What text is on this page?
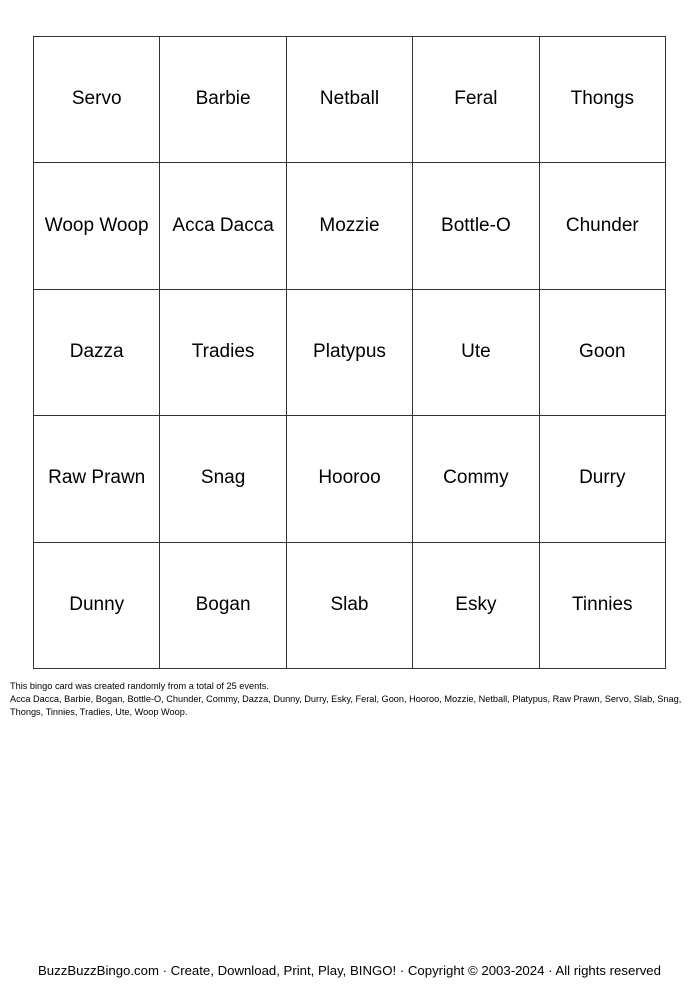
Servo	Barbie	Netball	Feral	Thongs
Woop Woop	Acca Dacca	Mozzie	Bottle-O	Chunder
Dazza	Tradies	Platypus	Ute	Goon
Raw Prawn	Snag	Hooroo	Commy	Durry
Dunny	Bogan	Slab	Esky	Tinnies

This bingo card was created randomly from a total of 25 events.

Acca Dacca, Barbie, Bogan, Bottle-O, Chunder, Commy, Dazza, Dunny, Durry, Esky, Feral, Goon, Hooroo, Mozzie, Netball, Platypus, Raw Prawn, Servo, Slab, Snag, Thongs, Tinnies, Tradies, Ute, Woop Woop.

BuzzBuzzBingo.com · Create, Download, Print, Play, BINGO! · Copyright © 2003-2024 · All rights reserved
